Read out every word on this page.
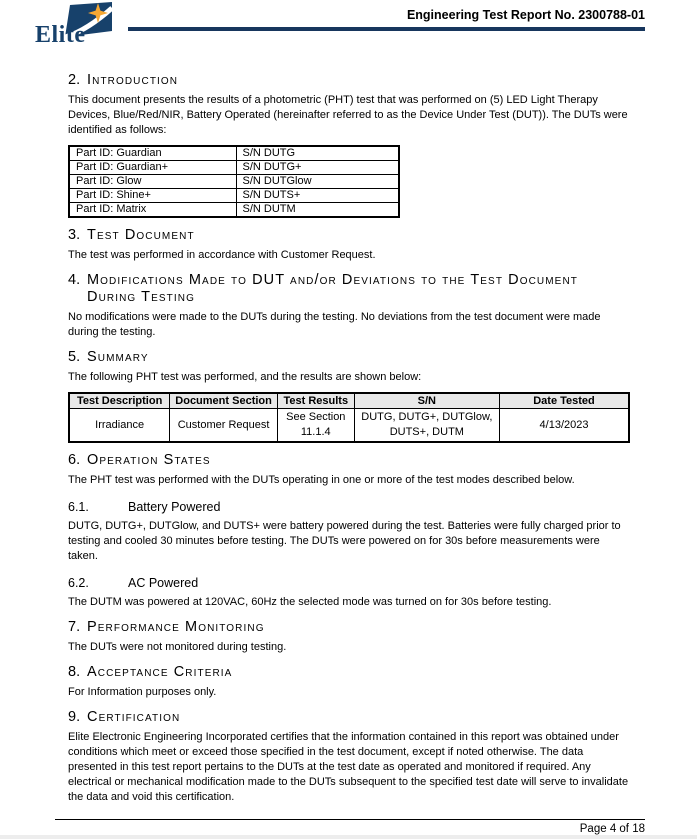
Elite
Engineering Test Report No. 2300788-01
2. Introduction

This document presents the results of a photometric (PHT) test that was performed on (5) LED Light Therapy Devices, Blue/Red/NIR, Battery Operated (hereinafter referred to as the Device Under Test (DUT)). The DUTs were identified as follows:

Part ID: Guardian	S/N DUTG
Part ID: Guardian+	S/N DUTG+
Part ID: Glow	S/N DUTGlow
Part ID: Shine+	S/N DUTS+
Part ID: Matrix	S/N DUTM
3. Test Document

The test was performed in accordance with Customer Request.

4. Modifications Made to DUT and/or Deviations to the Test Document During Testing

No modifications were made to the DUTs during the testing. No deviations from the test document were made during the testing.

5. Summary

The following PHT test was performed, and the results are shown below:

Test Description	Document Section	Test Results	S/N	Date Tested
Irradiance	Customer Request	See Section 11.1.4	DUTG, DUTG+, DUTGlow, DUTS+, DUTM	4/13/2023
6. Operation States

The PHT test was performed with the DUTs operating in one or more of the test modes described below.

6.1.	Battery Powered

DUTG, DUTG+, DUTGlow, and DUTS+ were battery powered during the test. Batteries were fully charged prior to testing and cooled 30 minutes before testing. The DUTs were powered on for 30s before measurements were taken.

6.2.	AC Powered

The DUTM was powered at 120VAC, 60Hz the selected mode was turned on for 30s before testing.

7. Performance Monitoring

The DUTs were not monitored during testing.

8. Acceptance Criteria

For Information purposes only.

9. Certification

Elite Electronic Engineering Incorporated certifies that the information contained in this report was obtained under conditions which meet or exceed those specified in the test document, except if noted otherwise. The data presented in this test report pertains to the DUTs at the test date as operated and monitored if required. Any electrical or mechanical modification made to the DUTs subsequent to the specified test date will serve to invalidate the data and void this certification.

Page 4 of 18
